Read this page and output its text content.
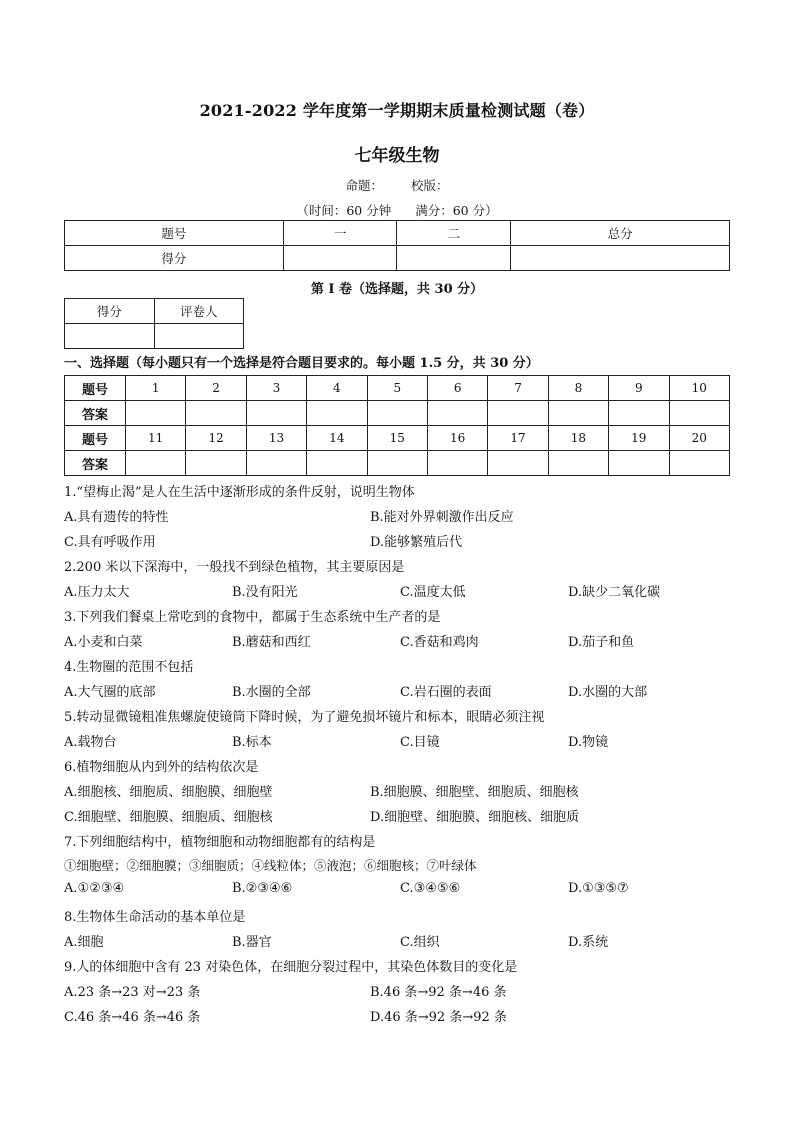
2021-2022 学年度第一学期期末质量检测试题（卷）
七年级生物
命题： 校版：
（时间：60 分钟 满分：60 分）
题号	一	二	总分
得分			
第 I 卷（选择题，共 30 分）
得分	评卷人

一、选择题（每小题只有一个选择是符合题目要求的。每小题 1.5 分，共 30 分）
题号	1	2	3	4	5	6	7	8	9	10
答案										
题号	11	12	13	14	15	16	17	18	19	20
答案										
1.“望梅止渴”是人在生活中逐渐形成的条件反射，说明生物体
A.具有遗传的特性	B.能对外界刺激作出反应
C.具有呼吸作用	D.能够繁殖后代
2.200 米以下深海中，一般找不到绿色植物，其主要原因是
A.压力太大	B.没有阳光	C.温度太低	D.缺少二氧化碳
3.下列我们餐桌上常吃到的食物中，都属于生态系统中生产者的是
A.小麦和白菜	B.蘑菇和西红	C.香菇和鸡肉	D.茄子和鱼
4.生物圈的范围不包括
A.大气圈的底部	B.水圈的全部	C.岩石圈的表面	D.水圈的大部
5.转动显微镜粗准焦螺旋使镜筒下降时候，为了避免损坏镜片和标本，眼睛必须注视
A.载物台	B.标本	C.目镜	D.物镜
6.植物细胞从内到外的结构依次是
A.细胞核、细胞质、细胞膜、细胞壁	B.细胞膜、细胞壁、细胞质、细胞核
C.细胞壁、细胞膜、细胞质、细胞核	D.细胞壁、细胞膜、细胞核、细胞质
7.下列细胞结构中，植物细胞和动物细胞都有的结构是
①细胞壁；②细胞膜；③细胞质；④线粒体；⑤液泡；⑥细胞核；⑦叶绿体
A.①②③④	B.②③④⑥	C.③④⑤⑥	D.①③⑤⑦
8.生物体生命活动的基本单位是
A.细胞	B.器官	C.组织	D.系统
9.人的体细胞中含有 23 对染色体，在细胞分裂过程中，其染色体数目的变化是
A.23 条→23 对→23 条	B.46 条→92 条→46 条
C.46 条→46 条→46 条	D.46 条→92 条→92 条
